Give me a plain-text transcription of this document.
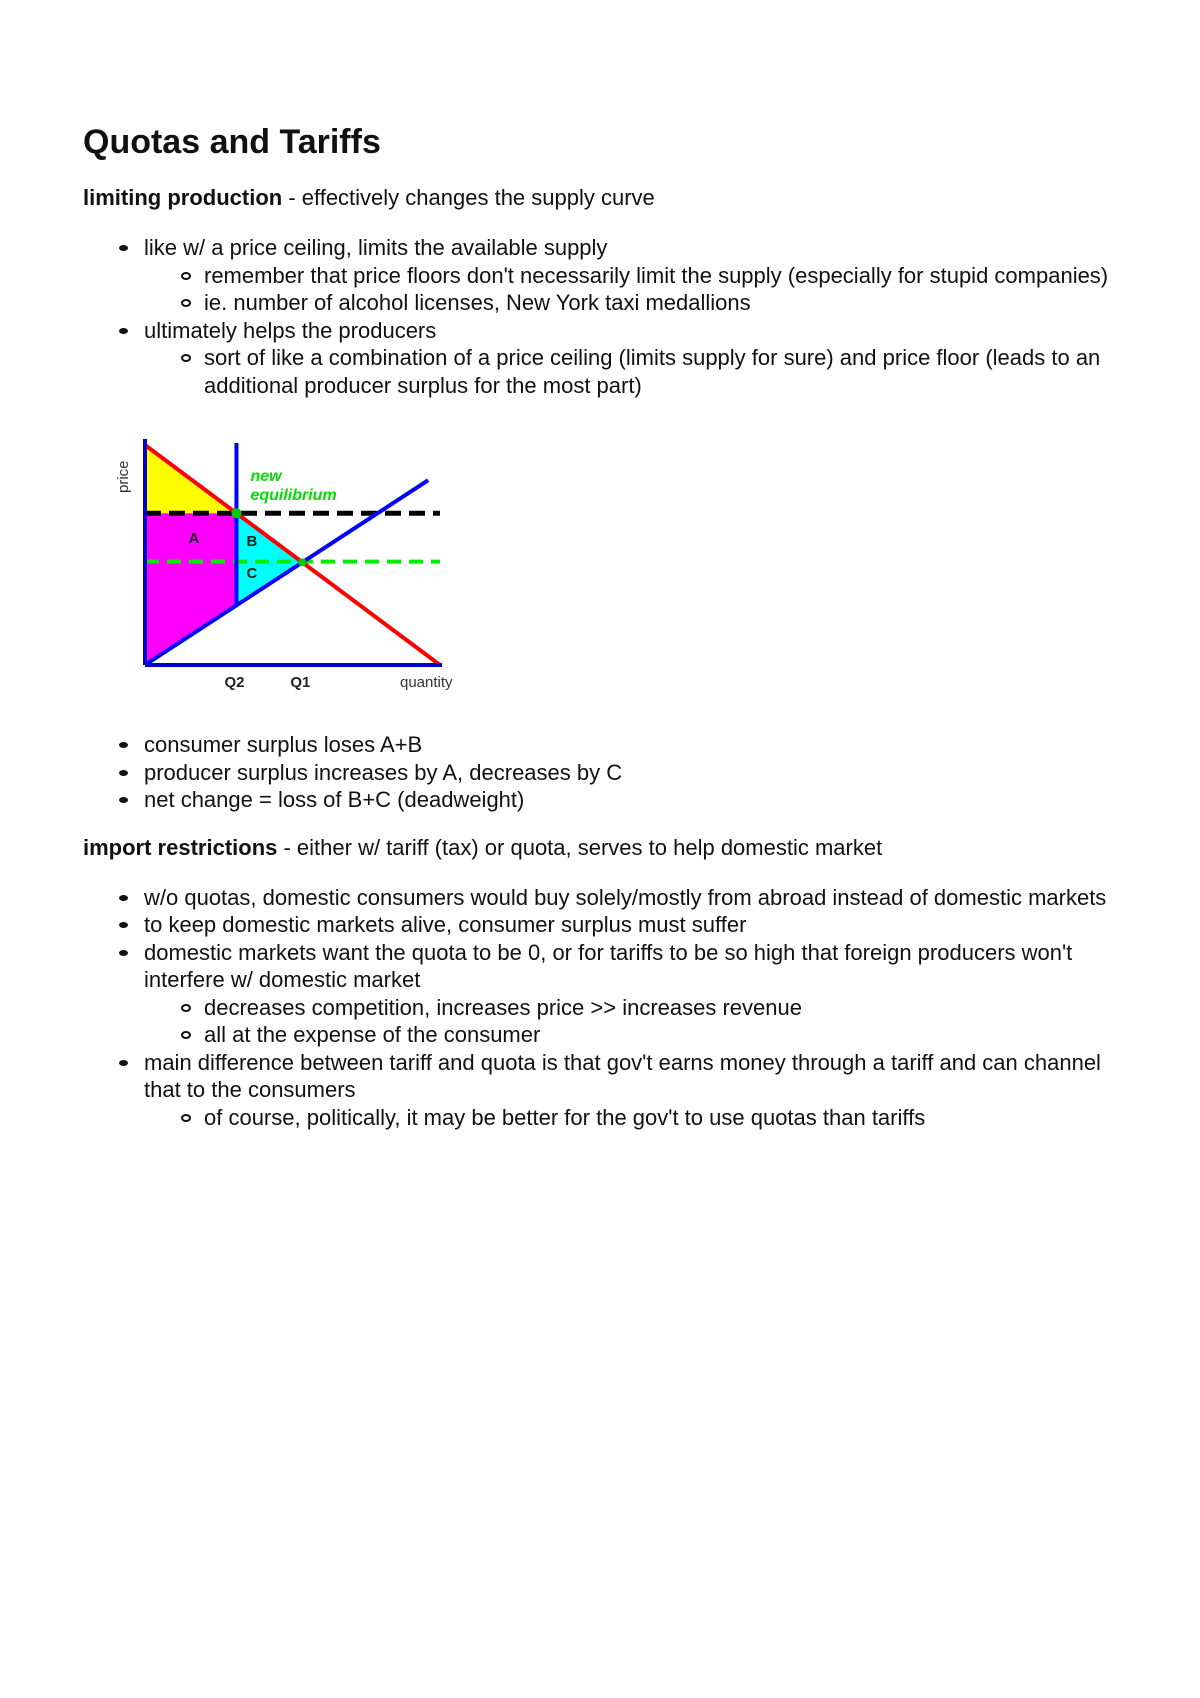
Quotas and Tariffs

limiting production - effectively changes the supply curve

like w/ a price ceiling, limits the available supply
remember that price floors don't necessarily limit the supply (especially for stupid companies)
ie. number of alcohol licenses, New York taxi medallions
ultimately helps the producers
sort of like a combination of a price ceiling (limits supply for sure) and price floor (leads to an additional producer surplus for the most part)
price
quantity
Q2	Q1
A	B
C
new equilibrium
consumer surplus loses A+B
producer surplus increases by A, decreases by C
net change = loss of B+C (deadweight)

import restrictions - either w/ tariff (tax) or quota, serves to help domestic market

w/o quotas, domestic consumers would buy solely/mostly from abroad instead of domestic markets
to keep domestic markets alive, consumer surplus must suffer
domestic markets want the quota to be 0, or for tariffs to be so high that foreign producers won't interfere w/ domestic market
decreases competition, increases price >> increases revenue
all at the expense of the consumer
main difference between tariff and quota is that gov't earns money through a tariff and can channel that to the consumers
of course, politically, it may be better for the gov't to use quotas than tariffs
